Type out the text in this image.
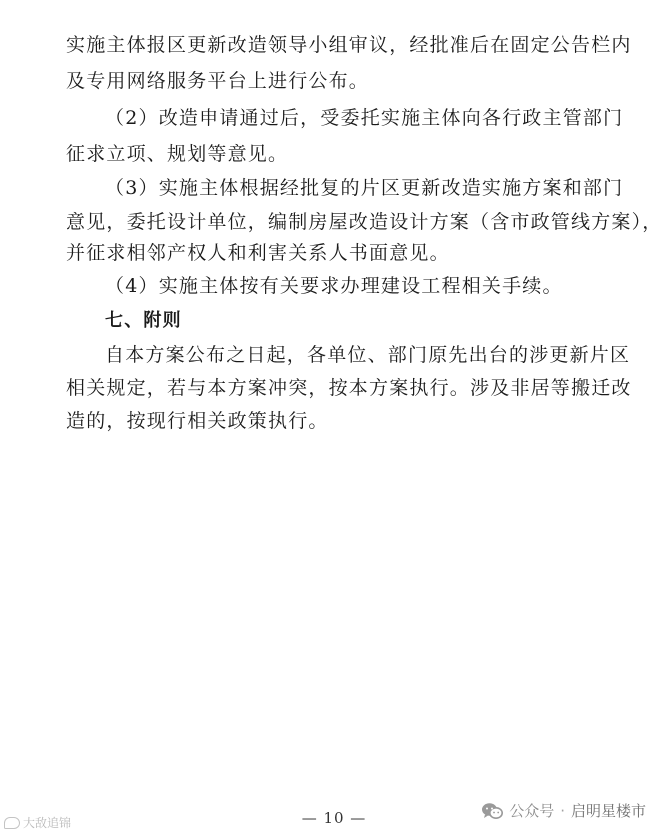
实施主体报区更新改造领导小组审议，经批准后在固定公告栏内
及专用网络服务平台上进行公布。
（2）改造申请通过后，受委托实施主体向各行政主管部门
征求立项、规划等意见。
（3）实施主体根据经批复的片区更新改造实施方案和部门
意见，委托设计单位，编制房屋改造设计方案（含市政管线方案），
并征求相邻产权人和利害关系人书面意见。
（4）实施主体按有关要求办理建设工程相关手续。
七、附则
自本方案公布之日起，各单位、部门原先出台的涉更新片区
相关规定，若与本方案冲突，按本方案执行。涉及非居等搬迁改
造的，按现行相关政策执行。
— 10 —
大敌追锦
公众号 · 启明星楼市
